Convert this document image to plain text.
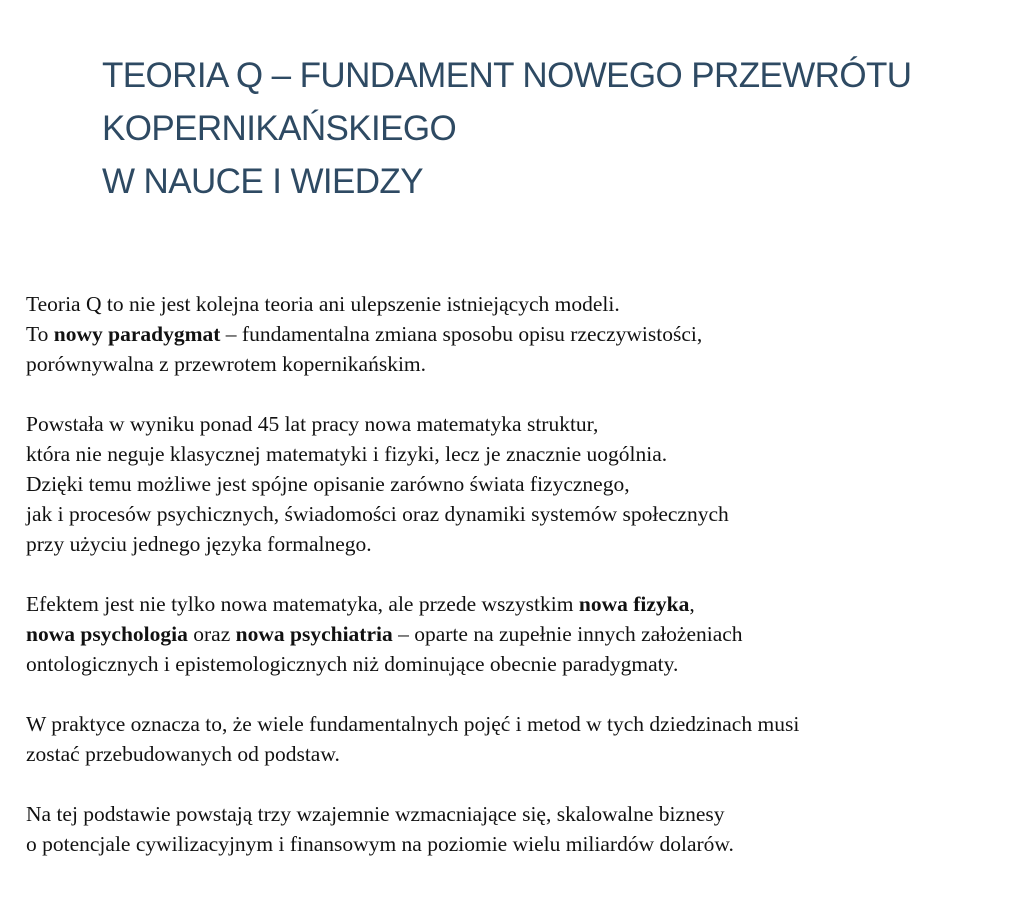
TEORIA Q – FUNDAMENT NOWEGO PRZEWRÓTU
KOPERNIKAŃSKIEGO
W NAUCE I WIEDZY

Teoria Q to nie jest kolejna teoria ani ulepszenie istniejących modeli.
To nowy paradygmat – fundamentalna zmiana sposobu opisu rzeczywistości,
porównywalna z przewrotem kopernikańskim.

Powstała w wyniku ponad 45 lat pracy nowa matematyka struktur,
która nie neguje klasycznej matematyki i fizyki, lecz je znacznie uogólnia.
Dzięki temu możliwe jest spójne opisanie zarówno świata fizycznego,
jak i procesów psychicznych, świadomości oraz dynamiki systemów społecznych
przy użyciu jednego języka formalnego.

Efektem jest nie tylko nowa matematyka, ale przede wszystkim nowa fizyka,
nowa psychologia oraz nowa psychiatria – oparte na zupełnie innych założeniach
ontologicznych i epistemologicznych niż dominujące obecnie paradygmaty.

W praktyce oznacza to, że wiele fundamentalnych pojęć i metod w tych dziedzinach musi
zostać przebudowanych od podstaw.

Na tej podstawie powstają trzy wzajemnie wzmacniające się, skalowalne biznesy
o potencjale cywilizacyjnym i finansowym na poziomie wielu miliardów dolarów.
